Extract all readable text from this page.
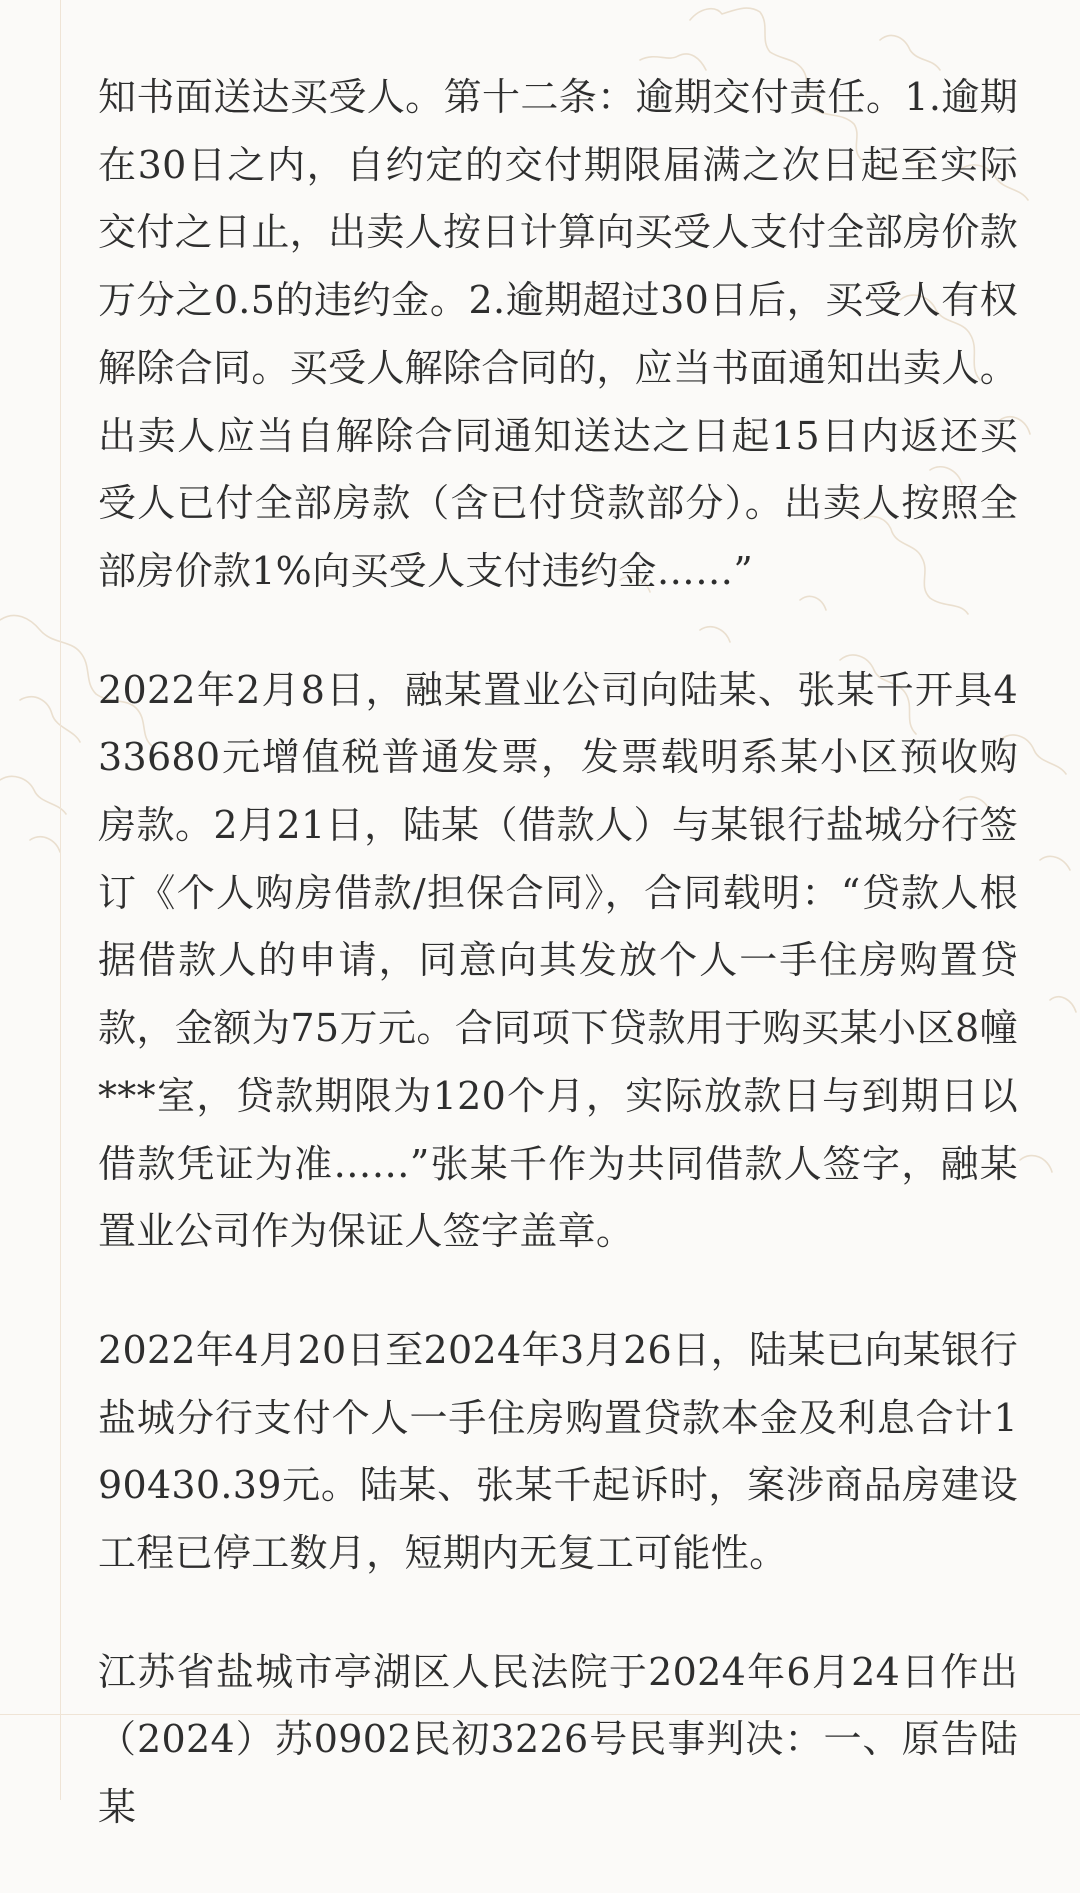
知书面送达买受人。第十二条：逾期交付责任。1.逾期在30日之内，自约定的交付期限届满之次日起至实际交付之日止，出卖人按日计算向买受人支付全部房价款万分之0.5的违约金。2.逾期超过30日后，买受人有权解除合同。买受人解除合同的，应当书面通知出卖人。出卖人应当自解除合同通知送达之日起15日内返还买受人已付全部房款（含已付贷款部分）。出卖人按照全部房价款1%向买受人支付违约金……”

2022年2月8日，融某置业公司向陆某、张某千开具433680元增值税普通发票，发票载明系某小区预收购房款。2月21日，陆某（借款人）与某银行盐城分行签订《个人购房借款/担保合同》，合同载明：“贷款人根据借款人的申请，同意向其发放个人一手住房购置贷款，金额为75万元。合同项下贷款用于购买某小区8幢***室，贷款期限为120个月，实际放款日与到期日以借款凭证为准……”张某千作为共同借款人签字，融某置业公司作为保证人签字盖章。

2022年4月20日至2024年3月26日，陆某已向某银行盐城分行支付个人一手住房购置贷款本金及利息合计190430.39元。陆某、张某千起诉时，案涉商品房建设工程已停工数月，短期内无复工可能性。

江苏省盐城市亭湖区人民法院于2024年6月24日作出（2024）苏0902民初3226号民事判决：一、原告陆某
